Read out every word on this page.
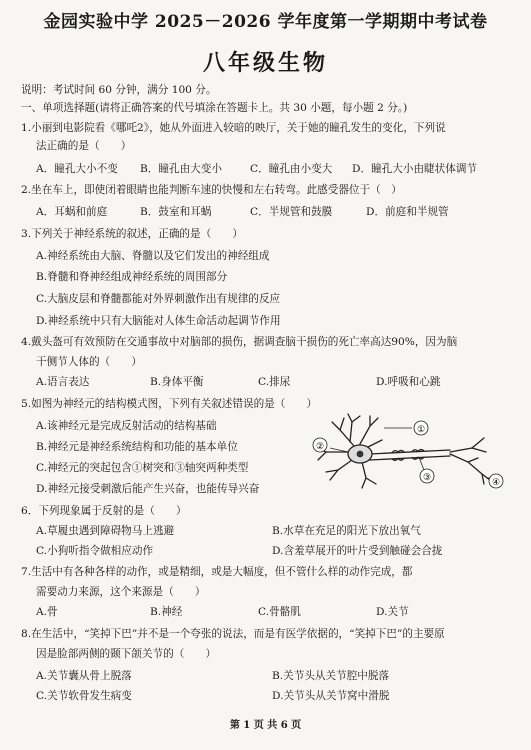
金园实验中学 2025－2026 学年度第一学期期中考试卷
八年级生物
说明：考试时间 60 分钟，满分 100 分。
一、单项选择题(请将正确答案的代号填涂在答题卡上。共 30 小题，每小题 2 分。)
1.小丽到电影院看《哪吒2》，她从外面进入较暗的映厅，关于她的瞳孔发生的变化，下列说
法正确的是（　　）
A．瞳孔大小不变 B．瞳孔由大变小	C．瞳孔由小变大 D．瞳孔大小由睫状体调节
2.坐在车上，即使闭着眼睛也能判断车速的快慢和左右转弯。此感受器位于（　）
A．耳蜗和前庭	B．鼓室和耳蜗	C．半规管和鼓膜	D．前庭和半规管
3.下列关于神经系统的叙述，正确的是（　　）
A.神经系统由大脑、脊髓以及它们发出的神经组成
B.脊髓和脊神经组成神经系统的周围部分
C.大脑皮层和脊髓都能对外界刺激作出有规律的反应
D.神经系统中只有大脑能对人体生命活动起调节作用
4.戴头盔可有效预防在交通事故中对脑部的损伤，据调查脑干损伤的死亡率高达90%，因为脑
干侧节人体的（　　）
A.语言表达	B.身体平衡	C.排尿	D.呼吸和心跳
5.如图为神经元的结构模式图，下列有关叙述错误的是（　　）
A.该神经元是完成反射活动的结构基础
B.神经元是神经系统结构和功能的基本单位
C.神经元的突起包含①树突和③轴突两种类型
D.神经元接受刺激后能产生兴奋，也能传导兴奋
①
②
③	④
6．下列现象属于反射的是（　　）
A.草履虫遇到障碍物马上逃避	B.水草在充足的阳光下放出氧气
C.小狗听指令做相应动作	D.含羞草展开的叶片受到触碰会合拢
7.生活中有各种各样的动作，或是精细，或是大幅度，但不管什么样的动作完成，都
需要动力来源，这个来源是（　　）
A.骨	B.神经	C.骨骼肌	D.关节
8.在生活中，“笑掉下巴”并不是一个夸张的说法，而是有医学依据的，“笑掉下巴”的主要原
因是脸部两侧的颞下颌关节的（　　）
A.关节囊从骨上脱落	B.关节头从关节腔中脱落
C.关节软骨发生病变	D.关节头从关节窝中滑脱
第 1 页 共 6 页
